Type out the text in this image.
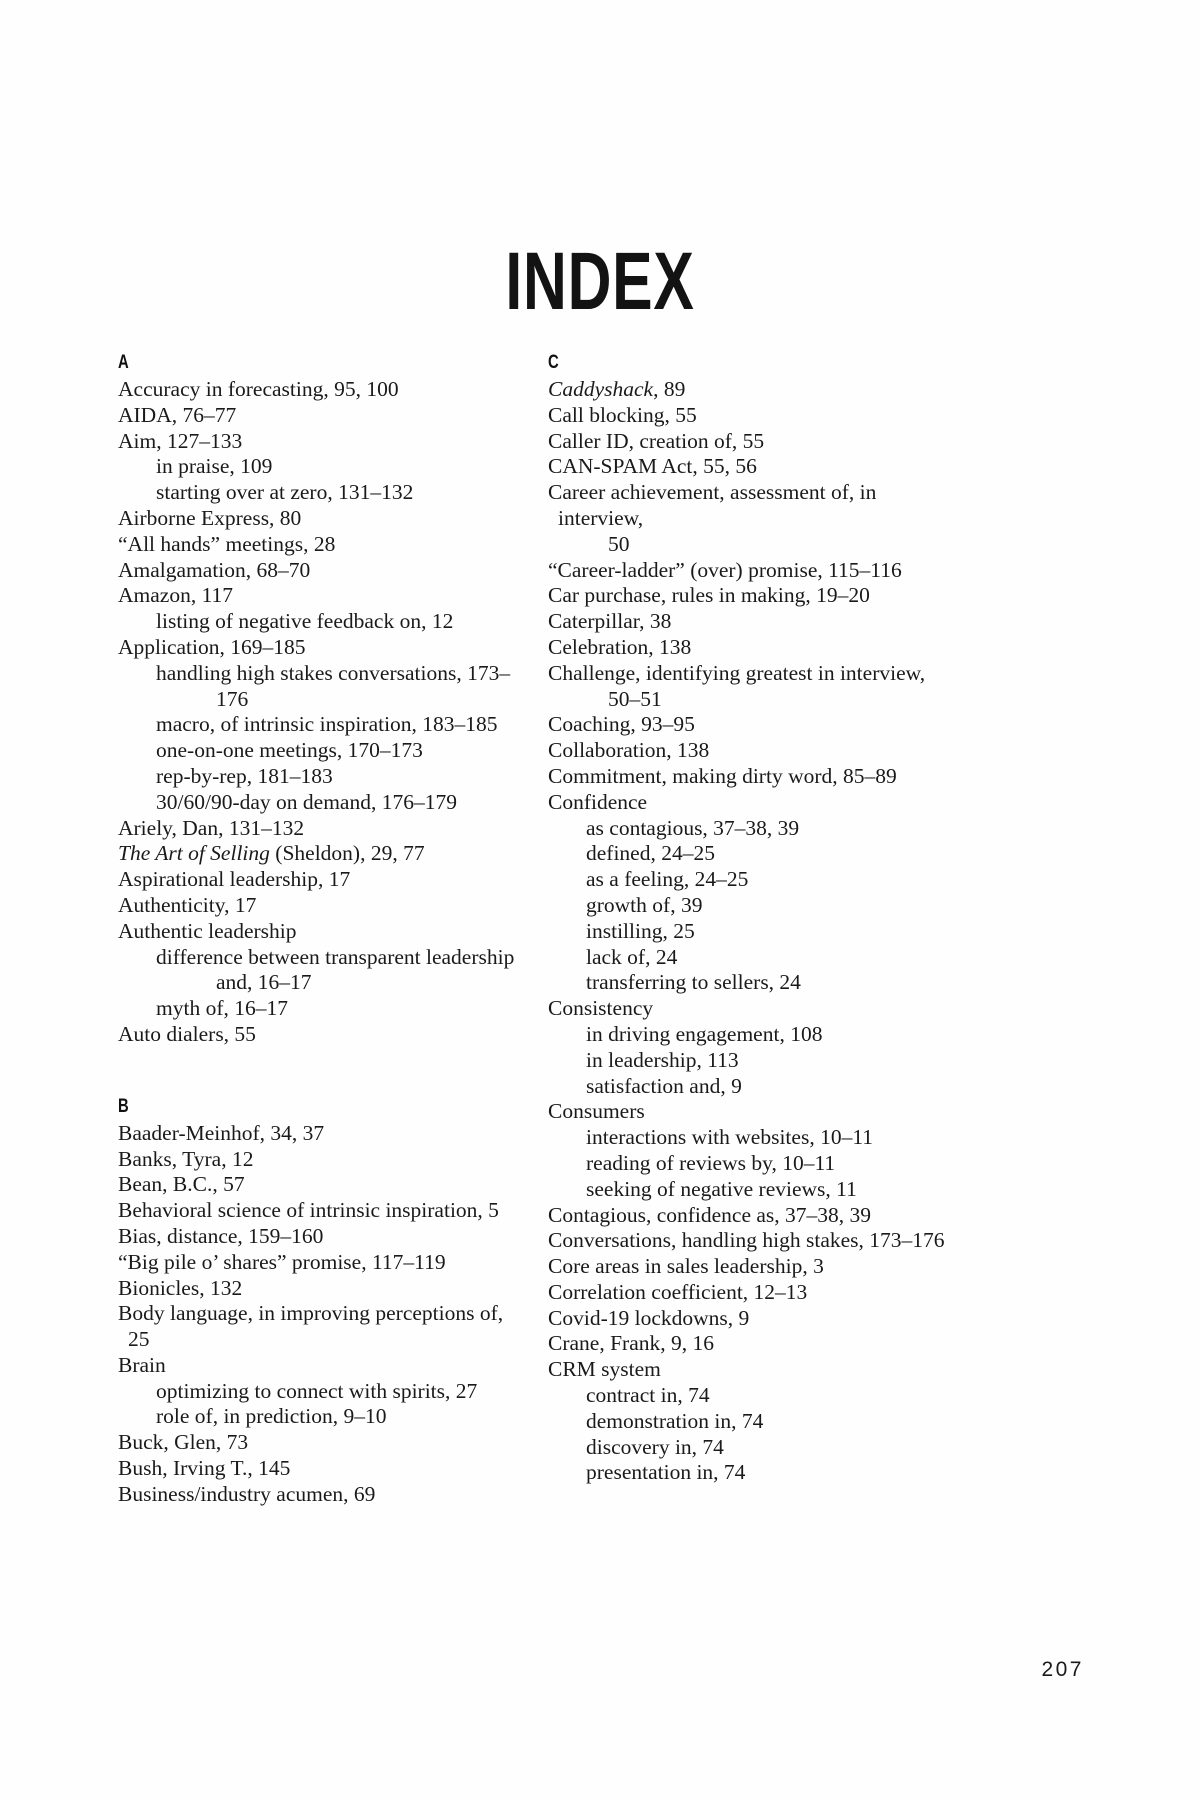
INDEX
A
Accuracy in forecasting, 95, 100
AIDA, 76–77
Aim, 127–133
in praise, 109
starting over at zero, 131–132
Airborne Express, 80
“All hands” meetings, 28
Amalgamation, 68–70
Amazon, 117
listing of negative feedback on, 12
Application, 169–185
handling high stakes conversations, 173–
176
macro, of intrinsic inspiration, 183–185
one-on-one meetings, 170–173
rep-by-rep, 181–183
30/60/90-day on demand, 176–179
Ariely, Dan, 131–132
The Art of Selling (Sheldon), 29, 77
Aspirational leadership, 17
Authenticity, 17
Authentic leadership
difference between transparent leadership
and, 16–17
myth of, 16–17
Auto dialers, 55
B
Baader-Meinhof, 34, 37
Banks, Tyra, 12
Bean, B.C., 57
Behavioral science of intrinsic inspiration, 5
Bias, distance, 159–160
“Big pile o’ shares” promise, 117–119
Bionicles, 132
Body language, in improving perceptions of, 25
Brain
optimizing to connect with spirits, 27
role of, in prediction, 9–10
Buck, Glen, 73
Bush, Irving T., 145
Business/industry acumen, 69
C
Caddyshack, 89
Call blocking, 55
Caller ID, creation of, 55
CAN-SPAM Act, 55, 56
Career achievement, assessment of, in interview,
50
“Career-ladder” (over) promise, 115–116
Car purchase, rules in making, 19–20
Caterpillar, 38
Celebration, 138
Challenge, identifying greatest in interview,
50–51
Coaching, 93–95
Collaboration, 138
Commitment, making dirty word, 85–89
Confidence
as contagious, 37–38, 39
defined, 24–25
as a feeling, 24–25
growth of, 39
instilling, 25
lack of, 24
transferring to sellers, 24
Consistency
in driving engagement, 108
in leadership, 113
satisfaction and, 9
Consumers
interactions with websites, 10–11
reading of reviews by, 10–11
seeking of negative reviews, 11
Contagious, confidence as, 37–38, 39
Conversations, handling high stakes, 173–176
Core areas in sales leadership, 3
Correlation coefficient, 12–13
Covid-19 lockdowns, 9
Crane, Frank, 9, 16
CRM system
contract in, 74
demonstration in, 74
discovery in, 74
presentation in, 74
207
